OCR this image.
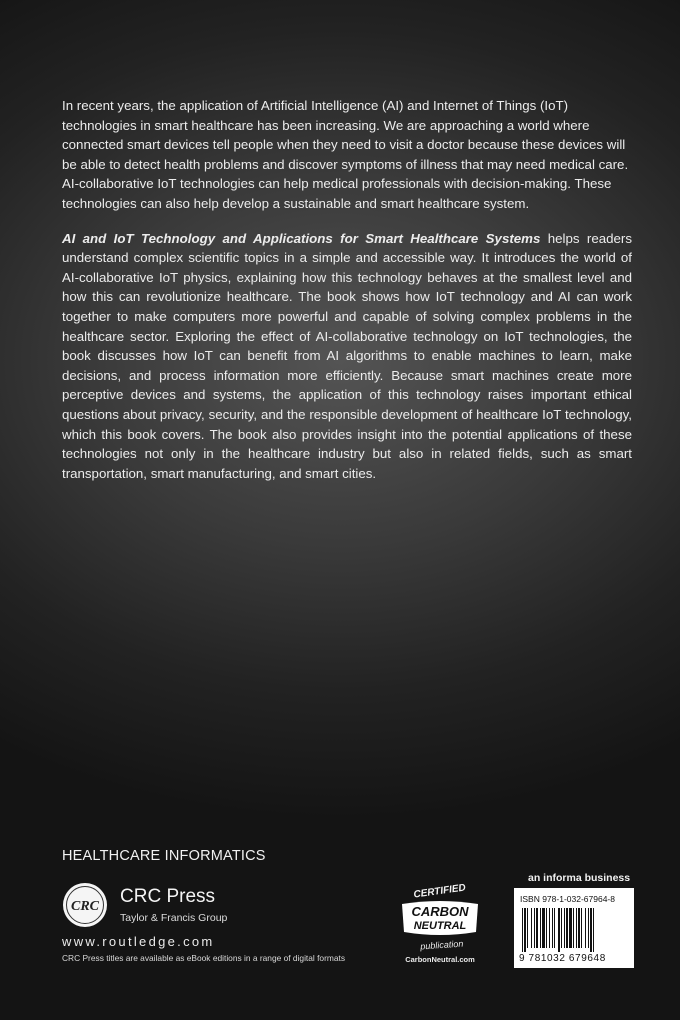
In recent years, the application of Artificial Intelligence (AI) and Internet of Things (IoT) technologies in smart healthcare has been increasing. We are approaching a world where connected smart devices tell people when they need to visit a doctor because these devices will be able to detect health problems and discover symptoms of illness that may need medical care. AI-collaborative IoT technologies can help medical professionals with decision-making. These technologies can also help develop a sustainable and smart healthcare system.

AI and IoT Technology and Applications for Smart Healthcare Systems helps readers understand complex scientific topics in a simple and accessible way. It introduces the world of AI-collaborative IoT physics, explaining how this technology behaves at the smallest level and how this can revolutionize healthcare. The book shows how IoT technology and AI can work together to make computers more powerful and capable of solving complex problems in the healthcare sector. Exploring the effect of AI-collaborative technology on IoT technologies, the book discusses how IoT can benefit from AI algorithms to enable machines to learn, make decisions, and process information more efficiently. Because smart machines create more perceptive devices and systems, the application of this technology raises important ethical questions about privacy, security, and the responsible development of healthcare IoT technology, which this book covers. The book also provides insight into the potential applications of these technologies not only in the healthcare industry but also in related fields, such as smart transportation, smart manufacturing, and smart cities.

HEALTHCARE INFORMATICS
CRC CRC Press
Taylor & Francis Group
www.routledge.com
CRC Press titles are available as eBook editions in a range of digital formats
CERTIFIED
CARBON
NEUTRAL
publication
CarbonNeutral.com
an informa business
ISBN 978-1-032-67964-8
9 781032 679648
